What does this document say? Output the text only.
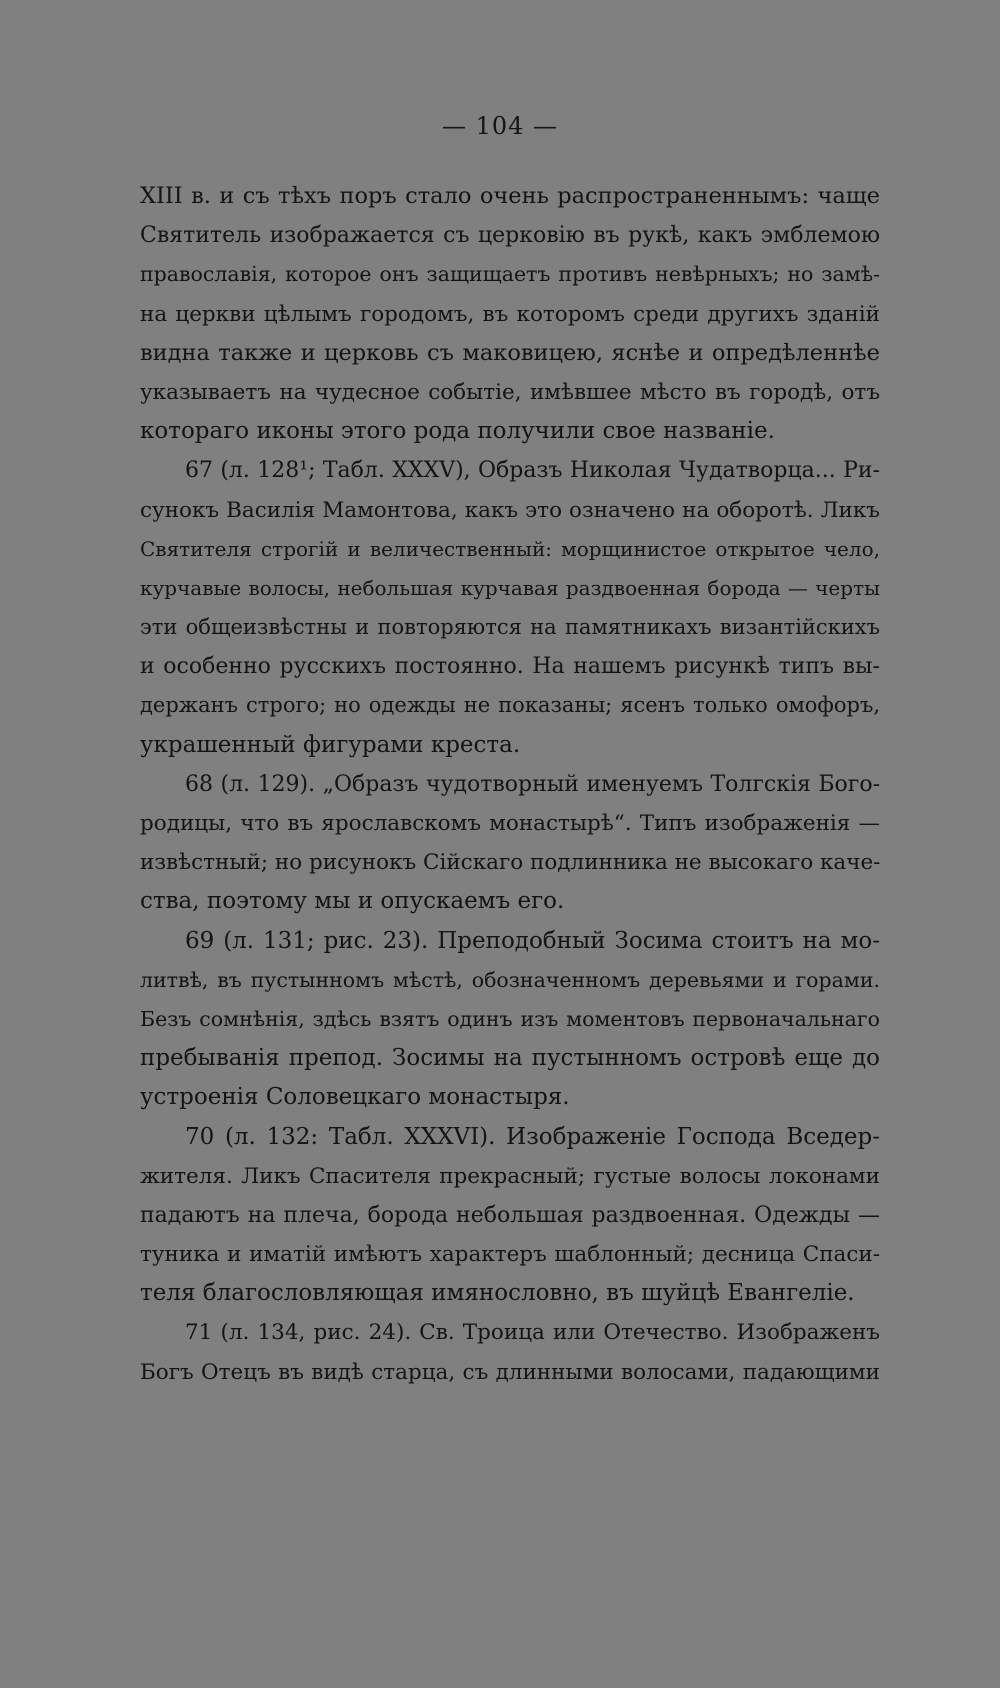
— 104 —
XIII в. и съ тѣхъ поръ стало очень распространеннымъ: чаще
Святитель изображается съ церковію въ рукѣ, какъ эмблемою
православія, которое онъ защищаетъ противъ невѣрныхъ; но замѣ-
на церкви цѣлымъ городомъ, въ которомъ среди другихъ зданій
видна также и церковь съ маковицею, яснѣе и опредѣленнѣе
указываетъ на чудесное событіе, имѣвшее мѣсто въ городѣ, отъ
котораго иконы этого рода получили свое названіе.
67 (л. 128¹; Табл. XXXV), Образъ Николая Чудатворца... Ри-
сунокъ Василія Мамонтова, какъ это означено на оборотѣ. Ликъ
Святителя строгій и величественный: морщинистое открытое чело,
курчавые волосы, небольшая курчавая раздвоенная борода — черты
эти общеизвѣстны и повторяются на памятникахъ византійскихъ
и особенно русскихъ постоянно. На нашемъ рисункѣ типъ вы-
держанъ строго; но одежды не показаны; ясенъ только омофоръ,
украшенный фигурами креста.
68 (л. 129). „Образъ чудотворный именуемъ Толгскія Бого-
родицы, что въ ярославскомъ монастырѣ“. Типъ изображенія —
извѣстный; но рисунокъ Сійскаго подлинника не высокаго каче-
ства, поэтому мы и опускаемъ его.
69 (л. 131; рис. 23). Преподобный Зосима стоитъ на мо-
литвѣ, въ пустынномъ мѣстѣ, обозначенномъ деревьями и горами.
Безъ сомнѣнія, здѣсь взятъ одинъ изъ моментовъ первоначальнаго
пребыванія препод. Зосимы на пустынномъ островѣ еще до
устроенія Соловецкаго монастыря.
70 (л. 132: Табл. XXXVI). Изображеніе Господа Вседер-
жителя. Ликъ Спасителя прекрасный; густые волосы локонами
падаютъ на плеча, борода небольшая раздвоенная. Одежды —
туника и иматій имѣютъ характеръ шаблонный; десница Спаси-
теля благословляющая имянословно, въ шуйцѣ Евангеліе.
71 (л. 134, рис. 24). Св. Троица или Отечество. Изображенъ
Богъ Отецъ въ видѣ старца, съ длинными волосами, падающими
